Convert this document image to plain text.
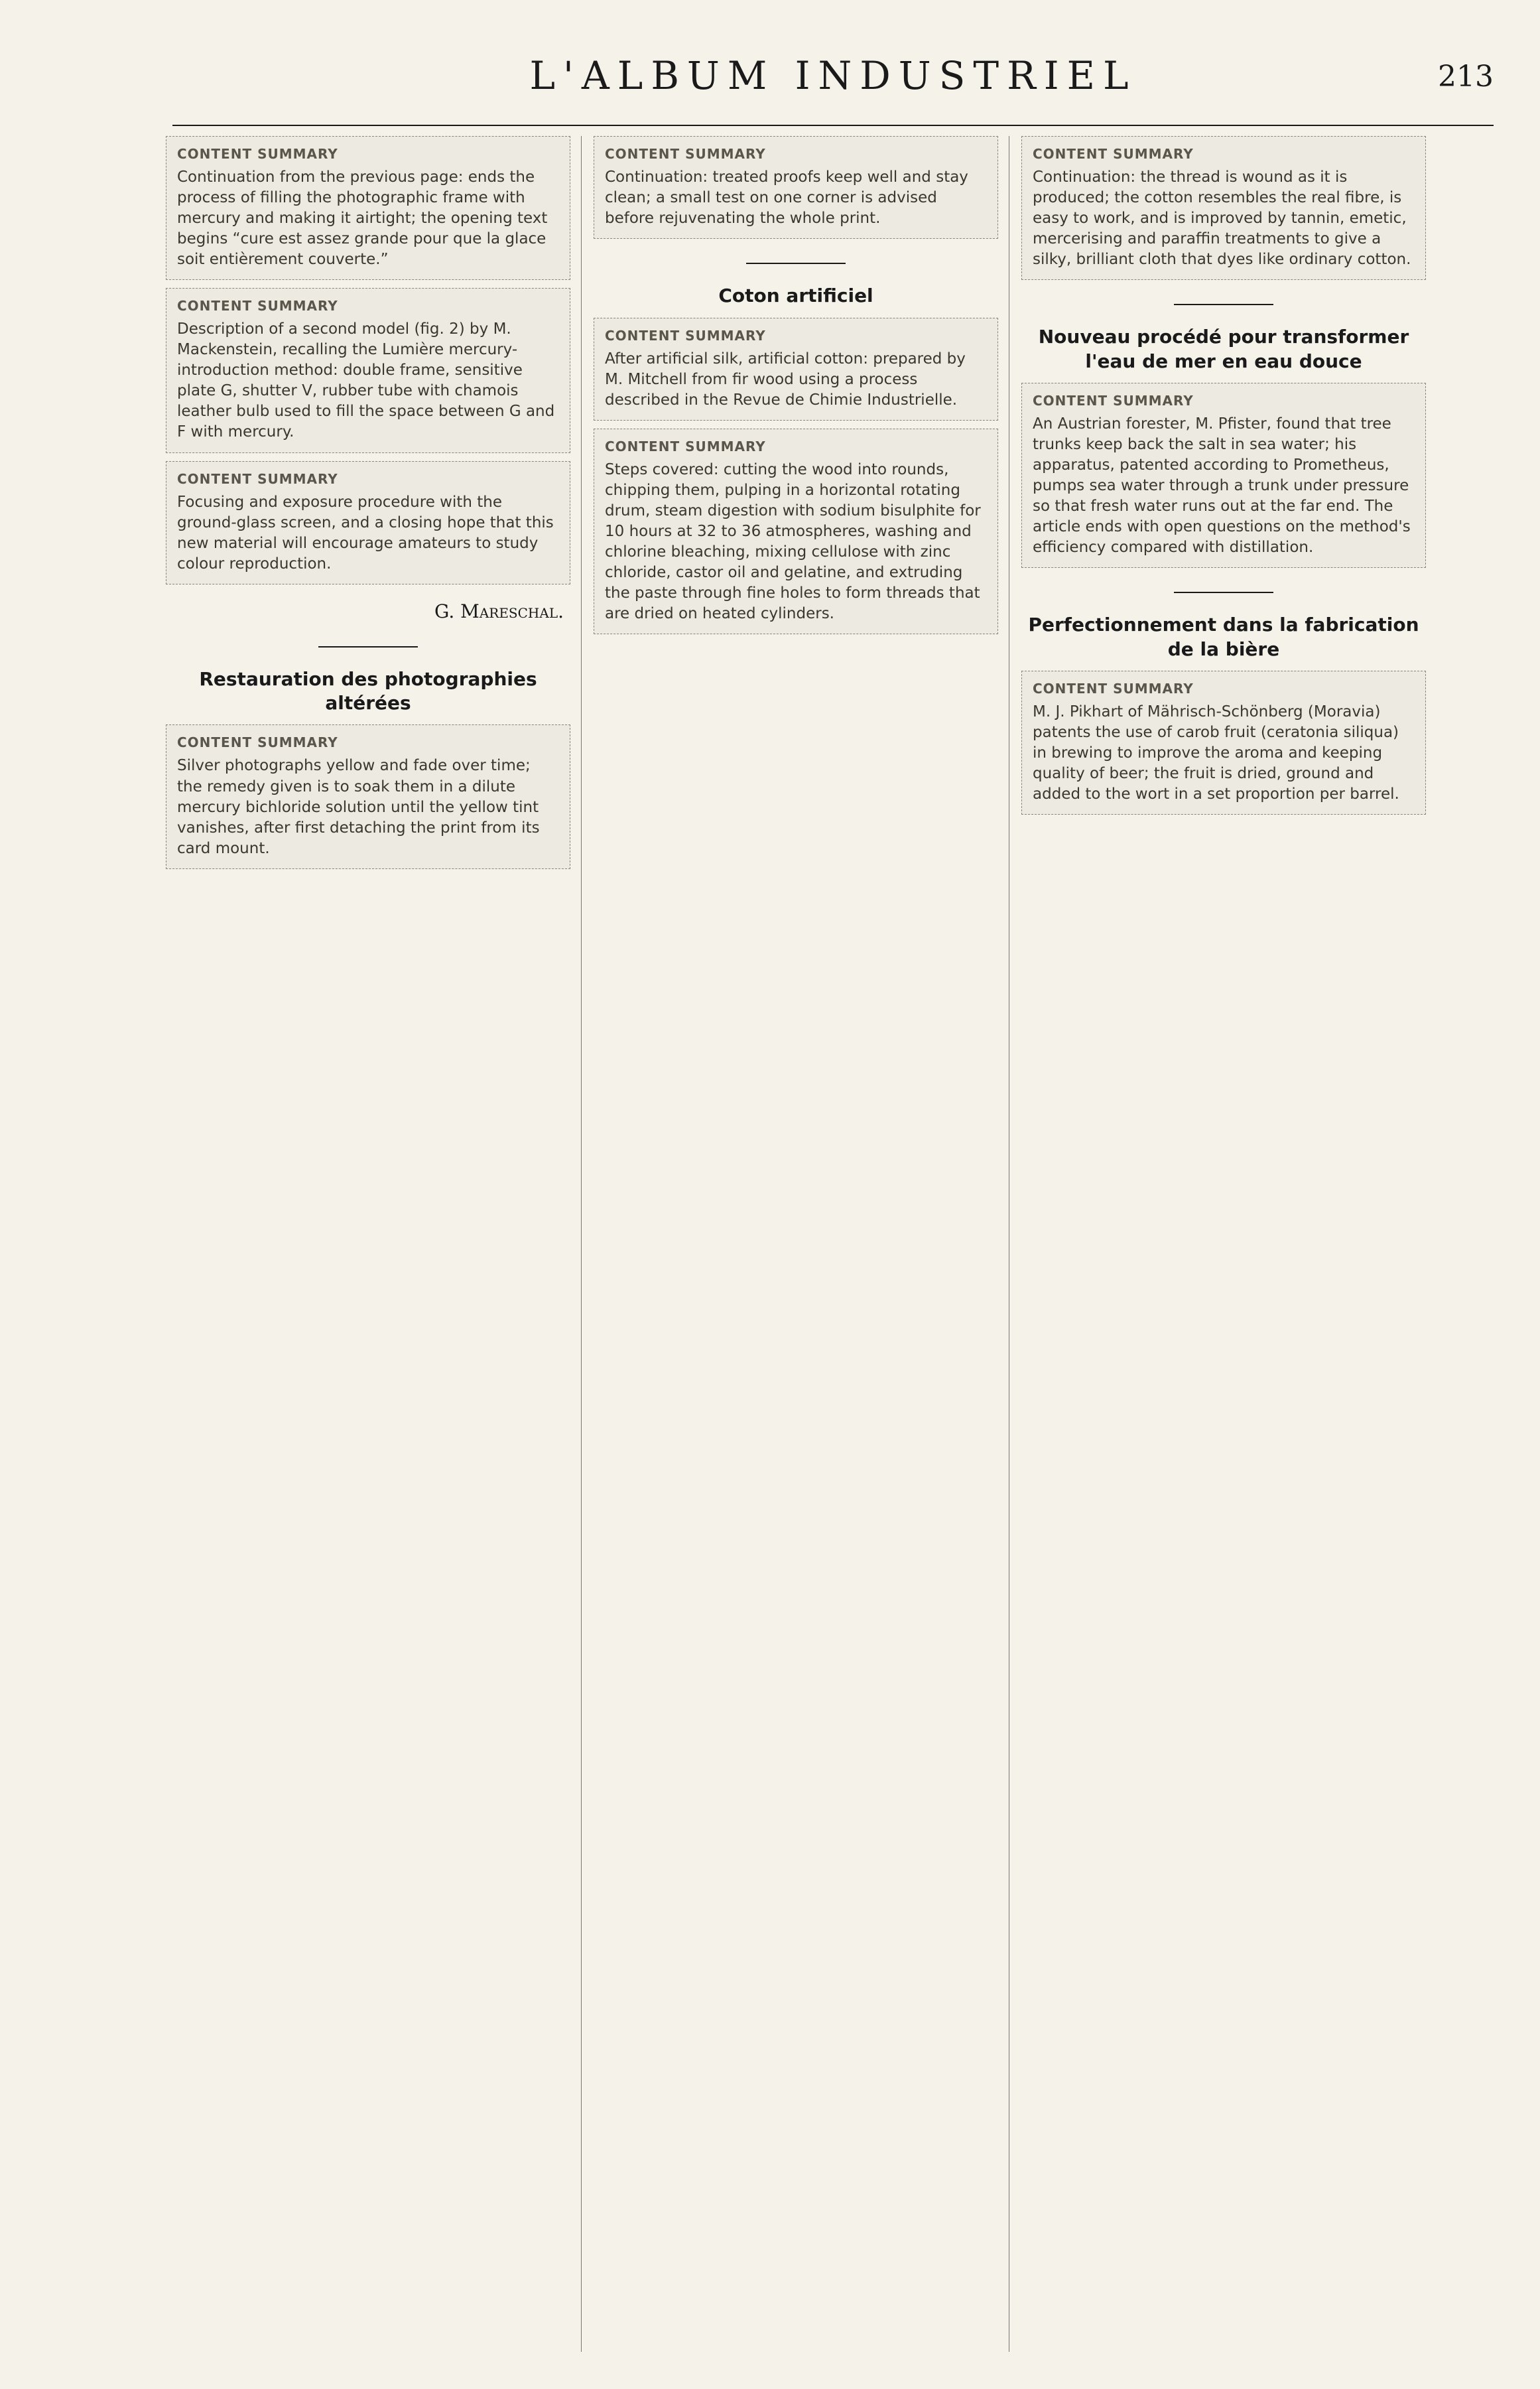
L'ALBUM INDUSTRIEL	213
CONTENT SUMMARY
Continuation from the previous page: ends the process of filling the photographic frame with mercury and making it airtight; the opening text begins “cure est assez grande pour que la glace soit entièrement couverte.”
CONTENT SUMMARY
Description of a second model (fig. 2) by M. Mackenstein, recalling the Lumière mercury-introduction method: double frame, sensitive plate G, shutter V, rubber tube with chamois leather bulb used to fill the space between G and F with mercury.
CONTENT SUMMARY
Focusing and exposure procedure with the ground-glass screen, and a closing hope that this new material will encourage amateurs to study colour reproduction.
G. Mareschal.
Restauration des photographies altérées
CONTENT SUMMARY
Silver photographs yellow and fade over time; the remedy given is to soak them in a dilute mercury bichloride solution until the yellow tint vanishes, after first detaching the print from its card mount.
CONTENT SUMMARY
Continuation: treated proofs keep well and stay clean; a small test on one corner is advised before rejuvenating the whole print.
Coton artificiel
CONTENT SUMMARY
After artificial silk, artificial cotton: prepared by M. Mitchell from fir wood using a process described in the Revue de Chimie Industrielle.
CONTENT SUMMARY
Steps covered: cutting the wood into rounds, chipping them, pulping in a horizontal rotating drum, steam digestion with sodium bisulphite for 10 hours at 32 to 36 atmospheres, washing and chlorine bleaching, mixing cellulose with zinc chloride, castor oil and gelatine, and extruding the paste through fine holes to form threads that are dried on heated cylinders.
CONTENT SUMMARY
Continuation: the thread is wound as it is produced; the cotton resembles the real fibre, is easy to work, and is improved by tannin, emetic, mercerising and paraffin treatments to give a silky, brilliant cloth that dyes like ordinary cotton.
Nouveau procédé pour transformer l'eau de mer en eau douce
CONTENT SUMMARY
An Austrian forester, M. Pfister, found that tree trunks keep back the salt in sea water; his apparatus, patented according to Prometheus, pumps sea water through a trunk under pressure so that fresh water runs out at the far end. The article ends with open questions on the method's efficiency compared with distillation.
Perfectionnement dans la fabrication de la bière
CONTENT SUMMARY
M. J. Pikhart of Mährisch-Schönberg (Moravia) patents the use of carob fruit (ceratonia siliqua) in brewing to improve the aroma and keeping quality of beer; the fruit is dried, ground and added to the wort in a set proportion per barrel.
